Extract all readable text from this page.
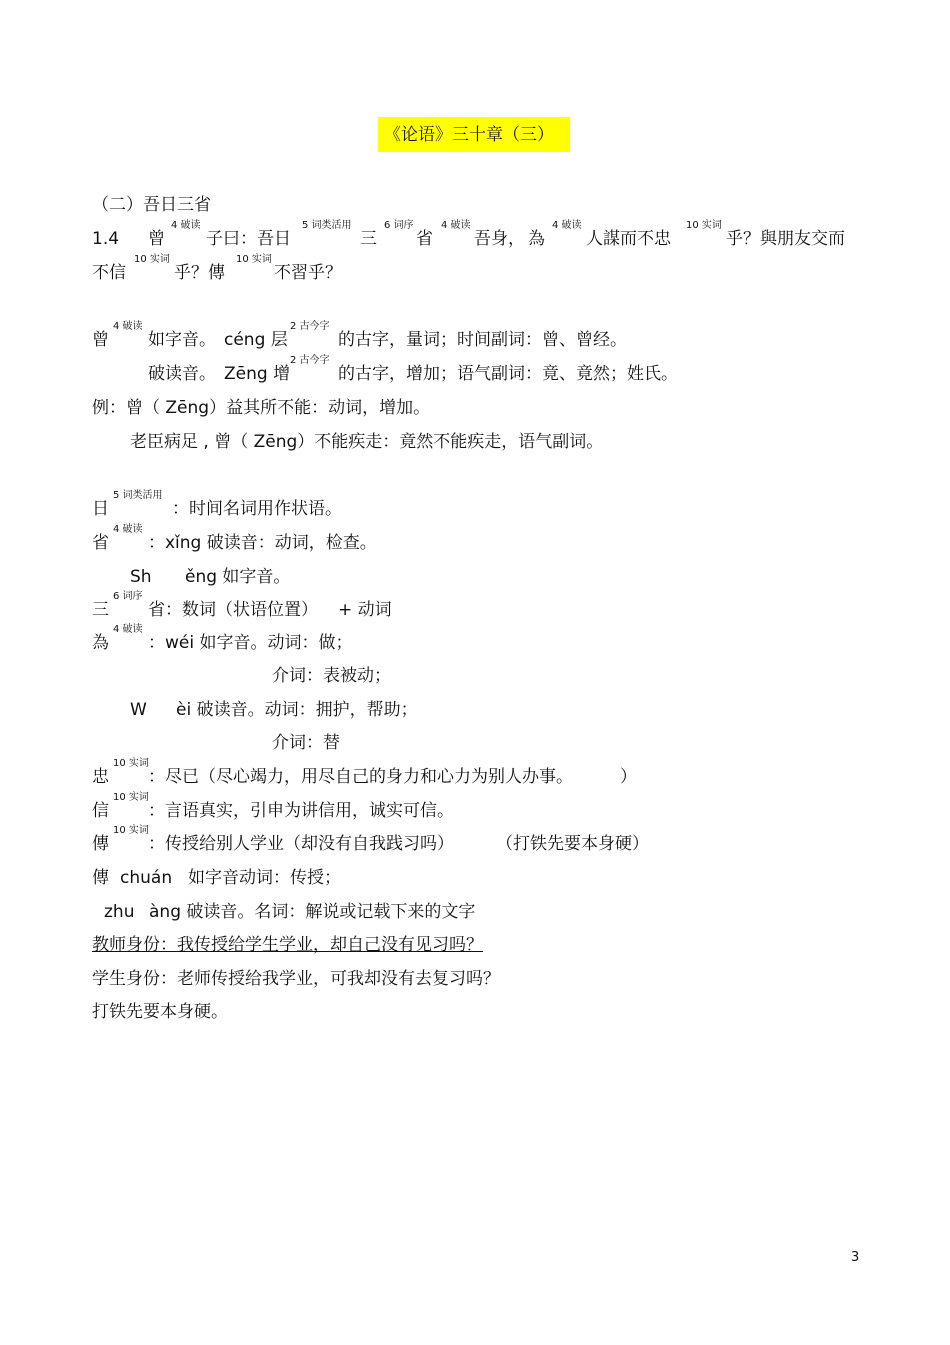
《论语》三十章（三）
（二）吾日三省
1.4 曾
4 破读
子曰：吾日
5 词类活用
三
6 词序
省
4 破读
吾身， 為
4 破读
人謀而不忠
10 实词
乎？與朋友交而
不信
10 实词
乎？傳
10 实词
不習乎？
曾
4 破读
如字音。 céng 层
2 古今字
的古字，量词；时间副词：曾、曾经。
破读音。 Zēng 增
2 古今字
的古字，增加；语气副词：竟、竟然；姓氏。
例：曾（ Zēng）益其所不能：动词，增加。
老臣病足 , 曾（ Zēng）不能疾走：竟然不能疾走，语气副词。
日
5 词类活用
：时间名词用作状语。
省
4 破读
：xǐng 破读音：动词，检查。
Sh ěng 如字音。
三
6 词序
省：数词（状语位置） + 动词
為
4 破读
：wéi 如字音。动词：做；
介词：表被动；
W èi 破读音。动词：拥护，帮助；
介词：替
忠
10 实词
：尽已（尽心竭力，用尽自己的身力和心力为别人办事。	）
信
10 实词
：言语真实，引申为讲信用，诚实可信。
傳
10 实词
：传授给别人学业（却没有自我践习吗） （打铁先要本身硬）
傳 chuán 如字音动词：传授；
zhu àng 破读音。名词：解说或记载下来的文字
教师身份：我传授给学生学业，却自己没有见习吗？
学生身份：老师传授给我学业，可我却没有去复习吗？
打铁先要本身硬。
3
